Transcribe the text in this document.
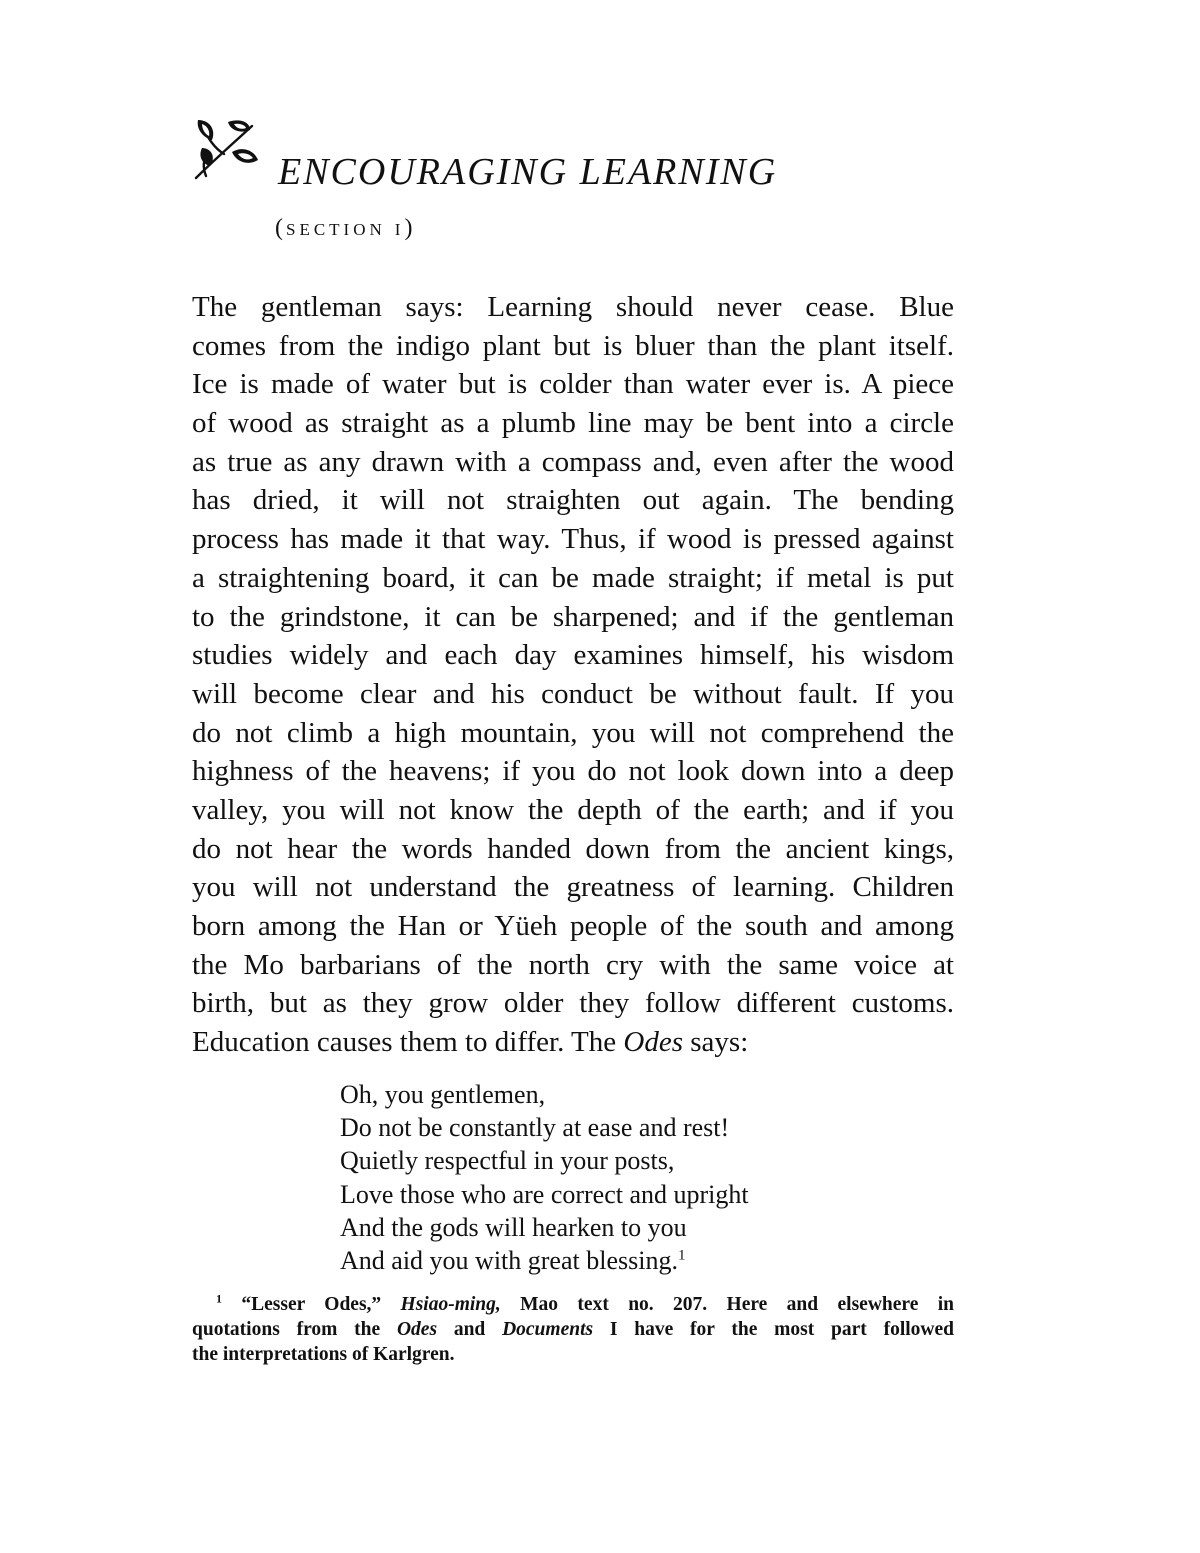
ENCOURAGING LEARNING

(section i)

The gentleman says: Learning should never cease. Blue
comes from the indigo plant but is bluer than the plant itself.
Ice is made of water but is colder than water ever is. A piece
of wood as straight as a plumb line may be bent into a circle
as true as any drawn with a compass and, even after the wood
has dried, it will not straighten out again. The bending
process has made it that way. Thus, if wood is pressed against
a straightening board, it can be made straight; if metal is put
to the grindstone, it can be sharpened; and if the gentleman
studies widely and each day examines himself, his wisdom
will become clear and his conduct be without fault. If you
do not climb a high mountain, you will not comprehend the
highness of the heavens; if you do not look down into a deep
valley, you will not know the depth of the earth; and if you
do not hear the words handed down from the ancient kings,
you will not understand the greatness of learning. Children
born among the Han or Yüeh people of the south and among
the Mo barbarians of the north cry with the same voice at
birth, but as they grow older they follow different customs.
Education causes them to differ. The Odes says:
Oh, you gentlemen,
Do not be constantly at ease and rest!
Quietly respectful in your posts,
Love those who are correct and upright
And the gods will hearken to you
And aid you with great blessing.$^1$
$^1$ “Lesser Odes,” Hsiao-ming, Mao text no. 207. Here and elsewhere in
quotations from the Odes and Documents I have for the most part followed
the interpretations of Karlgren.
